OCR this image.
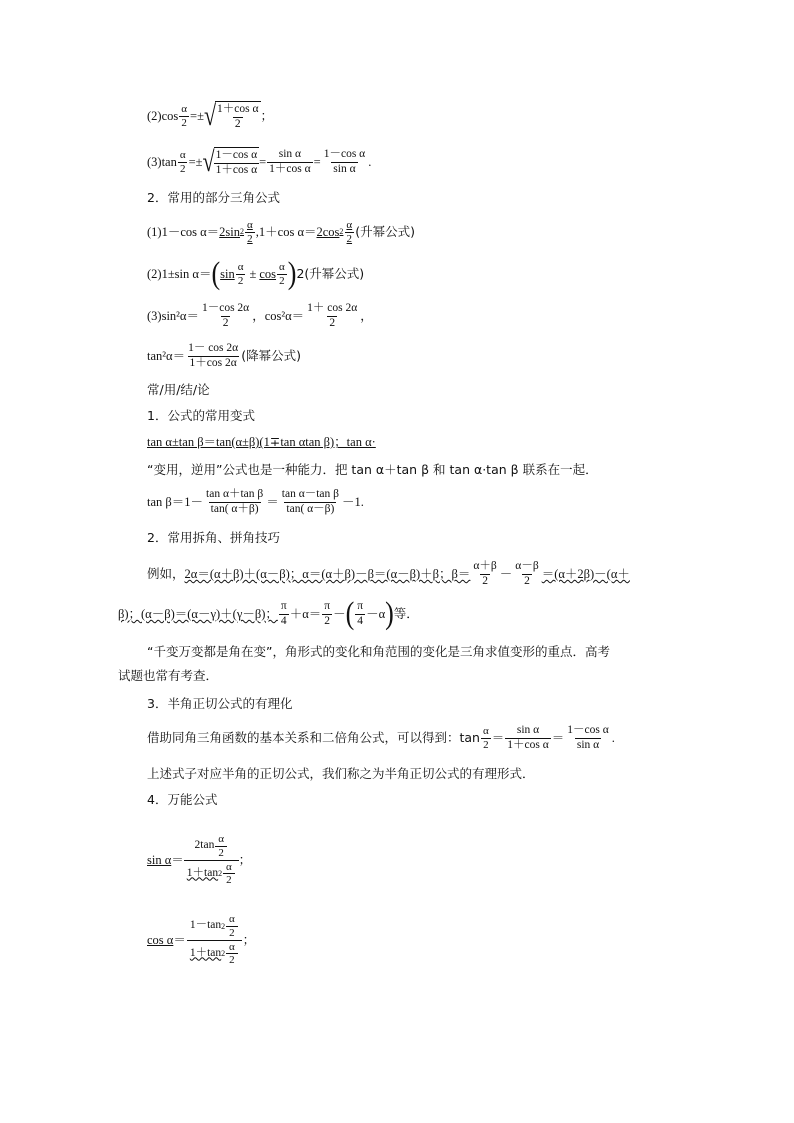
$(2)\cos \frac{\alpha}{2}$ =± √ $\frac{\text{1＋cos α}}{2}$ ；
$(3)\tan \frac{\alpha}{2}$ =± √ $\frac{\text{1－cos α}}{\text{1＋cos α}} = \frac{\text{sin α}}{\text{1＋cos α}} = \frac{\text{1－cos α}}{\text{sin α}}$ .
2．常用的部分三角公式
(1)1－cos α＝ 2sin $2 \frac{\alpha}{2} ,1+\cos$ α＝ 2cos $2 \frac{\alpha}{2}$ (升幂公式)
(2)1±sin α＝ ( $\sin \frac{\alpha}{2} \pm \cos \frac{\alpha}{2}$ ) 2(升幂公式)
$(3)\sin^2\alpha= \frac{1-\cos 2\alpha}{2}$ ，$\cos^2\alpha= \frac{1+ \cos 2\alpha}{2}$ ，
$\tan^2\alpha= \frac{1- \cos 2\alpha}{1+\cos 2\alpha}$ (降幂公式)
常/用/结/论
1．公式的常用变式
tan α±tan β＝tan(α±β)(1∓tan αtan β)；tan α·
“变用，逆用”公式也是一种能力．把 tan α＋tan β 和 tan α·tan β 联系在一起．
$\tan \beta=1- \frac{\text{tan α＋tan β}}{\tan( \alpha+\beta)} = \frac{\text{tan α－tan β}}{\tan( \alpha-\beta)} -1$.
2．常用拆角、拼角技巧
例如， 2α＝(α＋β)＋(α－β)；α＝(α＋β)－β＝(α－β)＋β；$\beta= \frac{\alpha+\beta}{2} - \frac{\alpha-\beta}{2} =(\alpha+2\beta)-(\alpha+$
β)；(α－β)＝(α－γ)＋(γ－β)； $\frac{\pi}{4} +\alpha= \frac{\pi}{2}$ － ( $\frac{\pi}{4} -\alpha$ ) 等．
“千变万变都是角在变”，角形式的变化和角范围的变化是三角求值变形的重点．高考
试题也常有考查．
3．半角正切公式的有理化
借助同角三角函数的基本关系和二倍角公式，可以得到：$\tan \frac{\alpha}{2} = \frac{\text{sin α}}{\text{1＋cos α}} = \frac{\text{1－cos α}}{\text{sin α}}$ .
上述式子对应半角的正切公式，我们称之为半角正切公式的有理形式．
4．万能公式
sin α ＝
$2\tan \frac{\alpha}{2}$
1＋tan $2 \frac{\alpha}{2}$
；
cos α ＝
1－tan $2 \frac{\alpha}{2}$
1＋tan $2 \frac{\alpha}{2}$
；
